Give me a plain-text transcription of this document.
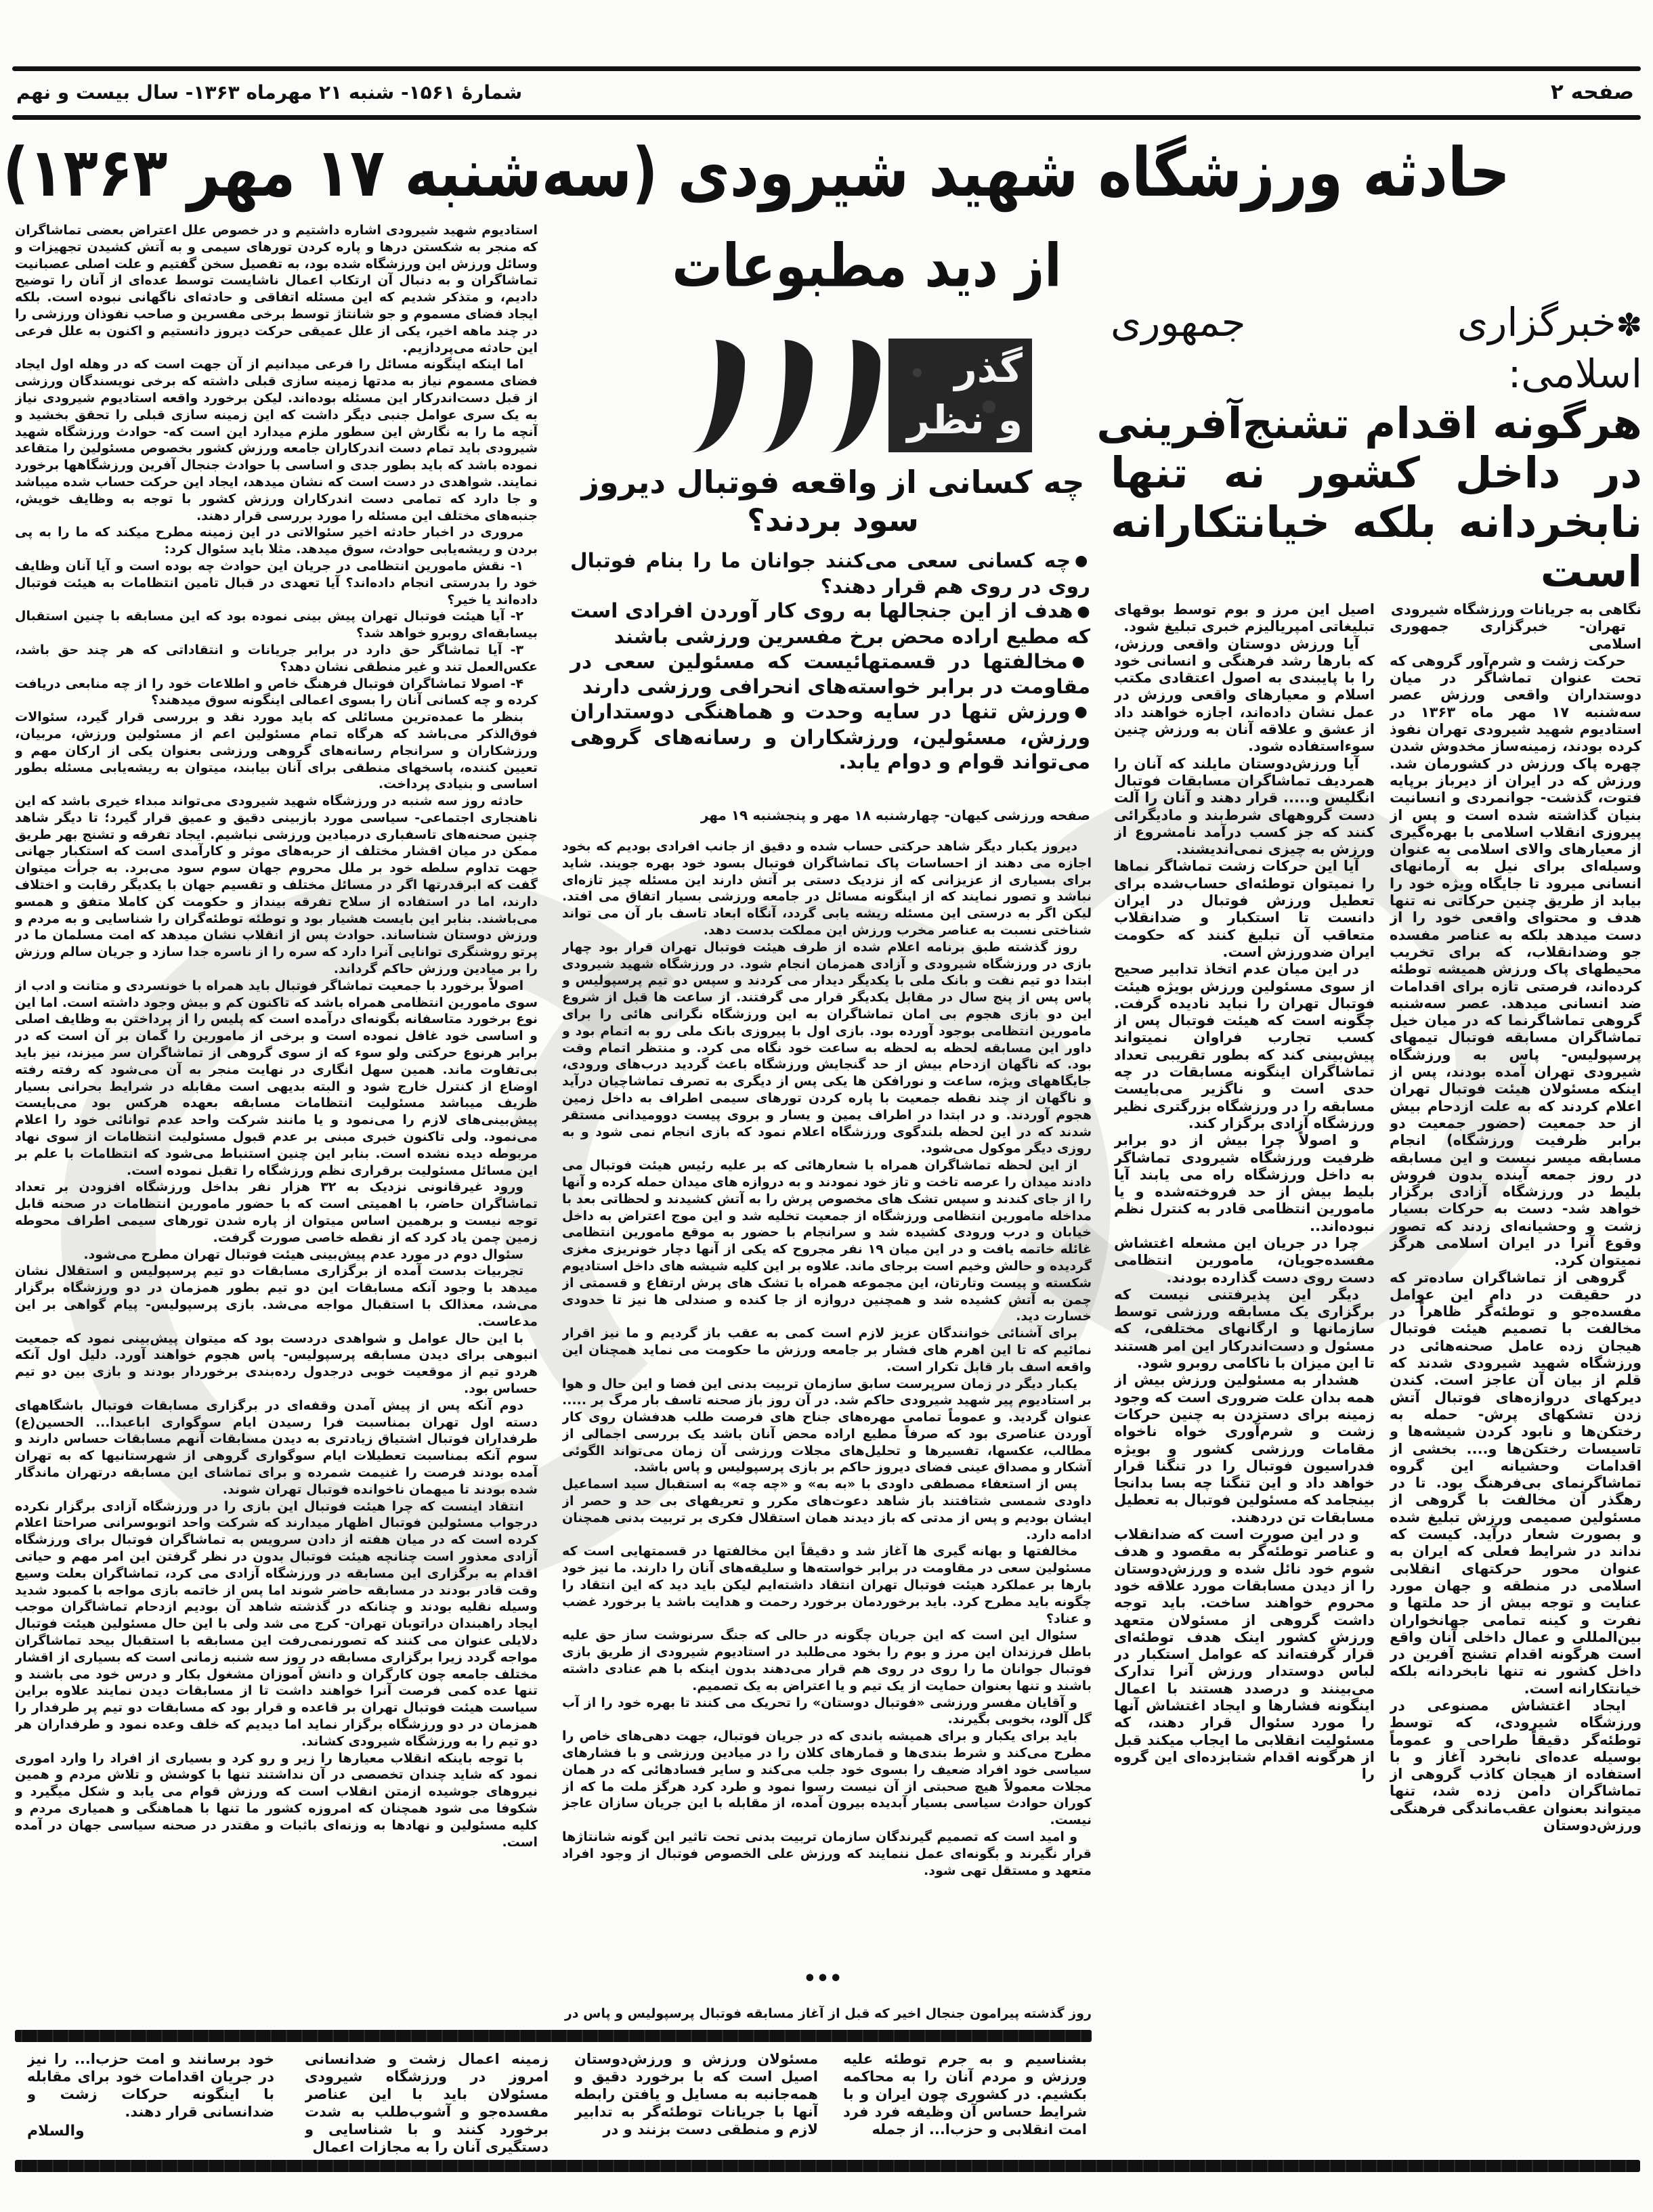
صفحه ۲
شمارهٔ ۱۵۶۱- شنبه ۲۱ مهرماه ۱۳۶۳- سال بیست و نهم
حادثه ورزشگاه شهید شیرودی (سه‌شنبه ۱۷ مهر ۱۳۶۳)
از دید مطبوعات

استادیوم شهید شیرودی اشاره داشتیم و در خصوص علل اعتراض بعضی تماشاگران که منجر به شکستن درها و پاره کردن تورهای سیمی و به آتش کشیدن تجهیزات و وسائل ورزش این ورزشگاه شده بود، به تفصیل سخن گفتیم و علت اصلی عصبانیت تماشاگران و به دنبال آن ارتکاب اعمال ناشایست توسط عده‌ای از آنان را توضیح دادیم، و متذکر شدیم که این مسئله اتفاقی و حادثه‌ای ناگهانی نبوده است. بلکه ایجاد فضای مسموم و جو شانتاژ توسط برخی مفسرین و صاحب نفوذان ورزشی را در چند ماهه اخیر، یکی از علل عمیقی حرکت دیروز دانستیم و اکنون به علل فرعی این حادثه می‌پردازیم.

اما اینکه اینگونه مسائل را فرعی میدانیم از آن جهت است که در وهله اول ایجاد فضای مسموم نیاز به مدتها زمینه سازی قبلی داشته که برخی نویسندگان ورزشی از قبل دست‌اندرکار این مسئله بوده‌اند. لیکن برخورد واقعه استادیوم شیرودی نیاز به یک سری عوامل جنبی دیگر داشت که این زمینه سازی قبلی را تحقق بخشید و آنچه ما را به نگارش این سطور ملزم میدارد این است که- حوادث ورزشگاه شهید شیرودی باید تمام دست اندرکاران جامعه ورزش کشور بخصوص مسئولین را متقاعد نموده باشد که باید بطور جدی و اساسی با حوادث جنجال آفرین ورزشگاهها برخورد نمایند. شواهدی در دست است که نشان میدهد، ایجاد این حرکت حساب شده میباشد و جا دارد که تمامی دست اندرکاران ورزش کشور با توجه به وظایف خویش، جنبه‌های مختلف این مسئله را مورد بررسی قرار دهند.

مروری در اخبار حادثه اخیر سئوالاتی در این زمینه مطرح میکند که ما را به پی بردن و ریشه‌یابی حوادث، سوق میدهد. مثلا باید سئوال کرد:

۱- نقش مامورین انتظامی در جریان این حوادث چه بوده است و آیا آنان وظایف خود را بدرستی انجام داده‌اند؟ آیا تعهدی در قبال تامین انتظامات به هیئت فوتبال داده‌اند یا خیر؟

۲- آیا هیئت فوتبال تهران پیش بینی نموده بود که این مسابقه با چنین استقبال بیسابقه‌ای روبرو خواهد شد؟

۳- آیا تماشاگر حق دارد در برابر جریانات و انتقاداتی که هر چند حق باشد، عکس‌العمل تند و غیر منطقی نشان دهد؟

۴- اصولا تماشاگران فوتبال فرهنگ خاص و اطلاعات خود را از چه منابعی دریافت کرده و چه کسانی آنان را بسوی اعمالی اینگونه سوق میدهند؟

بنظر ما عمده‌ترین مسائلی که باید مورد نقد و بررسی قرار گیرد، سئوالات فوق‌الذکر می‌باشد که هرگاه تمام مسئولین اعم از مسئولین ورزش، مربیان، ورزشکاران و سرانجام رسانه‌های گروهی ورزشی بعنوان یکی از ارکان مهم و تعیین کننده، پاسخهای منطقی برای آنان بیابند، میتوان به ریشه‌یابی مسئله بطور اساسی و بنیادی پرداخت.

حادثه روز سه شنبه در ورزشگاه شهید شیرودی می‌تواند مبداء خیری باشد که این ناهنجاری اجتماعی- سیاسی مورد بازبینی دقیق و عمیق قرار گیرد؛ تا دیگر شاهد چنین صحنه‌های تاسفباری درمیادین ورزشی نباشیم. ایجاد تفرقه و تشنج بهر طریق ممکن در میان اقشار مختلف از حربه‌های موثر و کارآمدی است که استکبار جهانی جهت تداوم سلطه خود بر ملل محروم جهان سوم سود می‌برد. به جرأت میتوان گفت که ابرقدرتها اگر در مسائل مختلف و تقسیم جهان با یکدیگر رقابت و اختلاف دارند، اما در استفاده از سلاح تفرقه بینداز و حکومت کن کاملا متفق و همسو می‌باشند. بنابر این بایست هشیار بود و توطئه توطئه‌گران را شناسایی و به مردم و ورزش دوستان شناساند. حوادث پس از انقلاب نشان میدهد که امت مسلمان ما در پرتو روشنگری توانایی آنرا دارد که سره را از ناسره جدا سازد و جریان سالم ورزش را بر میادین ورزش حاکم گرداند.

اصولاً برخورد با جمعیت تماشاگر فوتبال باید همراه با خونسردی و متانت و ادب از سوی مامورین انتظامی همراه باشد که تاکنون کم و بیش وجود داشته است. اما این نوع برخورد متاسفانه بگونه‌ای درآمده است که پلیس را از پرداختن به وظایف اصلی و اساسی خود غافل نموده است و برخی از مامورین را گمان بر آن است که در برابر هرنوع حرکتی ولو سوء که از سوی گروهی از تماشاگران سر میزند، نیز باید بی‌تفاوت ماند. همین سهل انگاری در نهایت منجر به آن می‌شود که رفته رفته اوضاع از کنترل خارج شود و البته بدیهی است مقابله در شرایط بحرانی بسیار ظریف میباشد مسئولیت انتظامات مسابقه بعهده هرکس بود می‌بایست پیش‌بینی‌های لازم را می‌نمود و یا مانند شرکت واحد عدم توانائی خود را اعلام می‌نمود. ولی تاکنون خبری مبنی بر عدم قبول مسئولیت انتظامات از سوی نهاد مربوطه دیده نشده است. بنابر این چنین استنباط می‌شود که انتظامات با علم بر این مسائل مسئولیت برقراری نظم ورزشگاه را تقبل نموده است.

ورود غیرقانونی نزدیک به ۳۲ هزار نفر بداخل ورزشگاه افزودن بر تعداد تماشاگران حاضر، با اهمیتی است که با حضور مامورین انتظامات در صحنه قابل توجه نیست و برهمین اساس میتوان از پاره شدن تورهای سیمی اطراف محوطه زمین چمن یاد کرد که از نقطه خاصی صورت گرفت.

سئوال دوم در مورد عدم پیش‌بینی هیئت فوتبال تهران مطرح می‌شود.

تجربیات بدست آمده از برگزاری مسابقات دو تیم پرسپولیس و استقلال نشان میدهد با وجود آنکه مسابقات این دو تیم بطور همزمان در دو ورزشگاه برگزار می‌شد، معذالک با استقبال مواجه می‌شد. بازی پرسپولیس- پیام گواهی بر این مدعاست.

با این حال عوامل و شواهدی دردست بود که میتوان پیش‌بینی نمود که جمعیت انبوهی برای دیدن مسابقه پرسپولیس- پاس هجوم خواهند آورد. دلیل اول آنکه هردو تیم از موقعیت خوبی درجدول رده‌بندی برخوردار بودند و بازی بین دو تیم حساس بود.

دوم آنکه پس از پیش آمدن وقفه‌ای در برگزاری مسابقات فوتبال باشگاههای دسته اول تهران بمناسبت فرا رسیدن ایام سوگواری اباعبدا... الحسین(ع) طرفداران فوتبال اشتیاق زیادتری به دیدن مسابقات آنهم مسابقات حساس دارند و سوم آنکه بمناسبت تعطیلات ایام سوگواری گروهی از شهرستانیها که به تهران آمده بودند فرصت را غنیمت شمرده و برای تماشای این مسابقه درتهران ماندگار شده بودند تا میهمان ناخوانده فوتبال تهران شوند.

انتقاد اینست که چرا هیئت فوتبال این بازی را در ورزشگاه آزادی برگزار نکرده درجواب مسئولین فوتبال اظهار میدارند که شرکت واحد اتوبوسرانی صراحتا اعلام کرده است که در میان هفته از دادن سرویس به تماشاگران فوتبال برای ورزشگاه آزادی معذور است چنانچه هیئت فوتبال بدون در نظر گرفتن این امر مهم و حیاتی اقدام به برگزاری این مسابقه در ورزشگاه آزادی می کرد، تماشاگران بعلت وسیع وقت قادر بودند در مسابقه حاضر شوند اما پس از خاتمه بازی مواجه با کمبود شدید وسیله نقلیه بودند و چنانکه در گذشته شاهد آن بودیم ازدحام تماشاگران موجب ایجاد راهبندان دراتوبان تهران- کرج می شد ولی با این حال مسئولین هیئت فوتبال دلایلی عنوان می کنند که تصورنمی‌رفت این مسابقه با استقبال بیحد تماشاگران مواجه گردد زیرا برگزاری مسابقه در روز سه شنبه زمانی است که بسیاری از اقشار مختلف جامعه چون کارگران و دانش آموزان مشغول بکار و درس خود می باشند و تنها عده کمی فرصت آنرا خواهند داشت تا از مسابقات دیدن نمایند علاوه براین سیاست هیئت فوتبال تهران بر قاعده و قرار بود که مسابقات دو تیم پر طرفدار را همزمان در دو ورزشگاه برگزار نماید اما دیدیم که خلف وعده نمود و طرفداران هر دو تیم را به ورزشگاه شیرودی کشاند.

با توجه باینکه انقلاب معیارها را زیر و رو کرد و بسیاری از افراد را وارد اموری نمود که شاید چندان تخصصی در آن نداشتند تنها با کوشش و تلاش مردم و همین نیروهای جوشیده ازمتن انقلاب است که ورزش قوام می یابد و شکل میگیرد و شکوفا می شود همچنان که امروزه کشور ما تنها با هماهنگی و همیاری مردم و کلیه مسئولین و نهادها به وزنه‌ای باثبات و مقتدر در صحنه سیاسی جهان در آمده است.

گذر
و نظر
چه کسانی از واقعه فوتبال دیروز سود بردند؟
●چه کسانی سعی می‌کنند جوانان ما را بنام فوتبال روی در روی هم قرار دهند؟
●هدف از این جنجالها به روی کار آوردن افرادی است که مطیع اراده محض برخ مفسرین ورزشی باشند
●مخالفتها در قسمتهائیست که مسئولین سعی در مقاومت در برابر خواسته‌های انحرافی ورزشی دارند
●ورزش تنها در سایه وحدت و هماهنگی دوستداران ورزش، مسئولین، ورزشکاران و رسانه‌های گروهی می‌تواند قوام و دوام یابد.
صفحه ورزشی کیهان- چهارشنبه ۱۸ مهر و پنجشنبه ۱۹ مهر

دیروز یکبار دیگر شاهد حرکتی حساب شده و دقیق از جانب افرادی بودیم که بخود اجازه می دهند از احساسات پاک تماشاگران فوتبال بسود خود بهره جویند. شاید برای بسیاری از عزیزانی که از نزدیک دستی بر آتش دارند این مسئله چیز تازه‌ای نباشد و تصور نمایند که از اینگونه مسائل در جامعه ورزشی بسیار اتفاق می افتد. لیکن اگر به درستی این مسئله ریشه یابی گردد، آنگاه ابعاد تاسف بار آن می تواند شناختی نسبت به عناصر مخرب ورزش این مملکت بدست دهد.

روز گذشته طبق برنامه اعلام شده از طرف هیئت فوتبال تهران قرار بود چهار بازی در ورزشگاه شیرودی و آزادی همزمان انجام شود. در ورزشگاه شهید شیرودی ابتدا دو تیم نفت و بانک ملی با یکدیگر دیدار می کردند و سپس دو تیم پرسپولیس و پاس پس از پنج سال در مقابل یکدیگر قرار می گرفتند. از ساعت ها قبل از شروع این دو بازی هجوم بی امان تماشاگران به این ورزشگاه نگرانی هائی را برای مامورین انتظامی بوجود آورده بود. بازی اول با پیروزی بانک ملی رو به اتمام بود و داور این مسابقه لحظه به لحظه به ساعت خود نگاه می کرد. و منتظر اتمام وقت بود. که ناگهان ازدحام بیش از حد گنجایش ورزشگاه باعث گردید درب‌های ورودی، جایگاههای ویژه، ساعت و نورافکن ها یکی پس از دیگری به تصرف تماشاچیان درآید و ناگهان از چند نقطه جمعیت با پاره کردن تورهای سیمی اطراف به داخل زمین هجوم آوردند. و در ابتدا در اطراف یمین و یسار و بروی پیست دوومیدانی مستقر شدند که در این لحظه بلندگوی ورزشگاه اعلام نمود که بازی انجام نمی شود و به روزی دیگر موکول می‌شود.

از این لحظه تماشاگران همراه با شعارهائی که بر علیه رئیس هیئت فوتبال می دادند میدان را عرصه تاخت و تاز خود نمودند و به دروازه های میدان حمله کرده و آنها را از جای کندند و سپس تشک های مخصوص پرش را به آتش کشیدند و لحظاتی بعد با مداخله مامورین انتظامی ورزشگاه از جمعیت تخلیه شد و این موج اعتراض به داخل خیابان و درب ورودی کشیده شد و سرانجام با حضور به موقع مامورین انتظامی غائله خاتمه یافت و در این میان ۱۹ نفر مجروح که یکی از آنها دچار خونریزی مغزی گردیده و حالش وخیم است برجای ماند. علاوه بر این کلیه شیشه های داخل استادیوم شکسته و پیست وتارتان، این مجموعه همراه با تشک های پرش ارتفاع و قسمتی از چمن به آتش کشیده شد و همچنین دروازه از جا کنده و صندلی ها نیز تا حدودی خسارت دید.

برای آشنائی خوانندگان عزیز لازم است کمی به عقب باز گردیم و ما نیز اقرار نمائیم که تا این اهرم های فشار بر جامعه ورزش ما حکومت می نماید همچنان این واقعه اسف بار قابل تکرار است.

یکبار دیگر در زمان سرپرست سابق سازمان تربیت بدنی این فضا و این حال و هوا بر استادیوم پیر شهید شیرودی حاکم شد. در آن روز باز صحنه تاسف بار مرگ بر ..... عنوان گردید. و عموماً تمامی مهره‌های جناح های فرصت طلب هدفشان روی کار آوردن عناصری بود که صرفاً مطیع اراده محض آنان باشد یک بررسی اجمالی از مطالب، عکسها، تفسیرها و تحلیل‌های مجلات ورزشی آن زمان می‌تواند الگوئی آشکار و مصداق عینی فضای دیروز حاکم بر بازی پرسپولیس و پاس باشد.

پس از استعفاء مصطفی داودی با «به به» و «چه چه» به استقبال سید اسماعیل داودی شمسی شتافتند باز شاهد دعوت‌های مکرر و تعریفهای بی حد و حصر از ایشان بودیم و پس از مدتی که باز دیدند همان استقلال فکری بر تربیت بدنی همچنان ادامه دارد.

مخالفتها و بهانه گیری ها آغاز شد و دقیقاً این مخالفتها در قسمتهایی است که مسئولین سعی در مقاومت در برابر خواسته‌ها و سلیقه‌های آنان را دارند. ما نیز خود بارها بر عملکرد هیئت فوتبال تهران انتقاد داشته‌ایم لیکن باید دید که این انتقاد را چگونه باید مطرح کرد. باید برخوردمان برخورد رحمت و هدایت باشد یا برخورد غضب و عناد؟

سئوال این است که این جریان چگونه در حالی که جنگ سرنوشت ساز حق علیه باطل فرزندان این مرز و بوم را بخود می‌طلبد در استادیوم شیرودی از طریق بازی فوتبال جوانان ما را روی در روی هم قرار می‌دهند بدون اینکه با هم عنادی داشته باشند و تنها بعنوان حمایت از یک تیم و یا اعتراض به یک تصمیم.

و آقایان مفسر ورزشی «فوتبال دوستان» را تحریک می کنند تا بهره خود را از آب گل آلود، بخوبی بگیرند.

باید برای یکبار و برای همیشه باندی که در جریان فوتبال، جهت دهی‌های خاص را مطرح می‌کند و شرط بندی‌ها و قمارهای کلان را در میادین ورزشی و با فشارهای سیاسی خود افراد ضعیف را بسوی خود جلب می‌کند و سایر فسادهائی که در همان مجلات معمولاً هیچ صحبتی از آن نیست رسوا نمود و طرد کرد هرگز ملت ما که از کوران حوادث سیاسی بسیار آبدیده بیرون آمده، از مقابله با این جریان سازان عاجز نیست.

و امید است که تصمیم گیرندگان سازمان تربیت بدنی تحت تاثیر این گونه شانتاژها قرار نگیرند و بگونه‌ای عمل ننمایند که ورزش علی الخصوص فوتبال از وجود افراد متعهد و مستقل تهی شود.

•••
روز گذشته پیرامون جنجال اخیر که قبل از آغاز مسابقه فوتبال پرسپولیس و پاس در
✽خبرگزاری جمهوری
اسلامی:
هرگونه اقدام تشنج‌آفرینی
در داخل کشور نه تنها
نابخردانه بلکه خیانتکارانه
است

نگاهی به جریانات ورزشگاه شیرودی

تهران- خبرگزاری جمهوری اسلامی

حرکت زشت و شرم‌آور گروهی که تحت عنوان تماشاگر در میان دوستداران واقعی ورزش عصر سه‌شنبه ۱۷ مهر ماه ۱۳۶۳ در استادیوم شهید شیرودی تهران نفوذ کرده بودند، زمینه‌ساز مخدوش شدن چهره پاک ورزش در کشورمان شد. ورزش که در ایران از دیرباز برپایه فتوت، گذشت- جوانمردی و انسانیت بنیان گذاشته شده است و پس از پیروزی انقلاب اسلامی با بهره‌گیری از معیارهای والای اسلامی به عنوان وسیله‌ای برای نیل به آرمانهای انسانی میرود تا جایگاه ویژه خود را بیابد از طریق چنین حرکاتی نه تنها هدف و محتوای واقعی خود را از دست میدهد بلکه به عناصر مفسده جو وضدانقلاب، که برای تخریب محیطهای پاک ورزش همیشه توطئه کرده‌اند، فرصتی تازه برای اقدامات ضد انسانی میدهد. عصر سه‌شنبه گروهی تماشاگرنما که در میان خیل تماشاگران مسابقه فوتبال تیمهای پرسپولیس- پاس به ورزشگاه شیرودی تهران آمده بودند، پس از اینکه مسئولان هیئت فوتبال تهران اعلام کردند که به علت ازدحام بیش از حد جمعیت (حضور جمعیت دو برابر ظرفیت ورزشگاه) انجام مسابقه میسر نیست و این مسابقه در روز جمعه آینده بدون فروش بلیط در ورزشگاه آزادی برگزار خواهد شد- دست به حرکات بسیار زشت و وحشیانه‌ای زدند که تصور وقوع آنرا در ایران اسلامی هرگز نمیتوان کرد.

گروهی از تماشاگران ساده‌تر که در حقیقت در دام این عوامل مفسده‌جو و توطئه‌گر ظاهراً در مخالفت با تصمیم هیئت فوتبال هیجان زده عامل صحنه‌هائی در ورزشگاه شهید شیرودی شدند که قلم از بیان آن عاجز است. کندن دیرکهای دروازه‌های فوتبال آتش زدن تشکهای پرش- حمله به رختکن‌ها و نابود کردن شیشه‌ها و تاسیسات رختکن‌ها و.... بخشی از اقدامات وحشیانه این گروه تماشاگرنمای بی‌فرهنگ بود. تا در رهگذر آن مخالفت با گروهی از مسئولین صمیمی ورزش تبلیغ شده و بصورت شعار درآید. کیست که نداند در شرایط فعلی که ایران به عنوان محور حرکتهای انقلابی اسلامی در منطقه و جهان مورد عنایت و توجه بیش از حد ملتها و نفرت و کینه تمامی جهانخواران بین‌المللی و عمال داخلی آنان واقع است هرگونه اقدام تشنج آفرین در داخل کشور نه تنها نابخردانه بلکه خیانتکارانه است.

ایجاد اغتشاش مصنوعی در ورزشگاه شیرودی، که توسط توطئه‌گر دقیقاً طراحی و عموماً بوسیله عده‌ای نابخرد آغاز و با استفاده از هیجان کاذب گروهی از تماشاگران دامن زده شد، تنها میتواند بعنوان عقب‌ماندگی فرهنگی ورزش‌دوستان

اصیل این مرز و بوم توسط بوقهای تبلیغاتی امپریالیزم خبری تبلیغ شود.

آیا ورزش دوستان واقعی ورزش، که بارها رشد فرهنگی و انسانی خود را با پایبندی به اصول اعتقادی مکتب اسلام و معیارهای واقعی ورزش در عمل نشان داده‌اند، اجازه خواهند داد از عشق و علاقه آنان به ورزش چنین سوءاستفاده شود.

آیا ورزش‌دوستان مایلند که آنان را همردیف تماشاگران مسابقات فوتبال انگلیس و..... قرار دهند و آنان را آلت دست گروههای شرط‌بند و مادیگرائی کنند که جز کسب درآمد نامشروع از ورزش به چیزی نمی‌اندیشند.

آیا این حرکات زشت تماشاگر نماها را نمیتوان توطئه‌ای حساب‌شده برای تعطیل ورزش فوتبال در ایران دانست تا استکبار و ضدانقلاب متعاقب آن تبلیغ کنند که حکومت ایران ضدورزش است.

در این میان عدم اتخاذ تدابیر صحیح از سوی مسئولین ورزش بویژه هیئت فوتبال تهران را نباید نادیده گرفت. چگونه است که هیئت فوتبال پس از کسب تجارب فراوان نمیتواند پیش‌بینی کند که بطور تقریبی تعداد تماشاگران اینگونه مسابقات در چه حدی است و ناگزیر می‌بایست مسابقه را در ورزشگاه بزرگتری نظیر ورزشگاه آزادی برگزار کند.

و اصولاً چرا بیش از دو برابر ظرفیت ورزشگاه شیرودی تماشاگر به داخل ورزشگاه راه می یابند آیا بلیط بیش از حد فروخته‌شده و یا مامورین انتظامی قادر به کنترل نظم نبوده‌اند..

چرا در جریان این مشعله اغتشاش مفسده‌جویان، مامورین انتظامی دست روی دست گذارده بودند.

دیگر این پذیرفتنی نیست که برگزاری یک مسابقه ورزشی توسط سازمانها و ارگانهای مختلفی، که مسئول و دست‌اندرکار این امر هستند تا این میزان با ناکامی روبرو شود.

هشدار به مسئولین ورزش بیش از همه بدان علت ضروری است که وجود زمینه برای دستزدن به چنین حرکات زشت و شرم‌آوری خواه ناخواه مقامات ورزشی کشور و بویژه فدراسیون فوتبال را در تنگنا قرار خواهد داد و این تنگنا چه بسا بدانجا بینجامد که مسئولین فوتبال به تعطیل مسابقات تن دردهند.

و در این صورت است که ضدانقلاب و عناصر توطئه‌گر به مقصود و هدف شوم خود نائل شده و ورزش‌دوستان را از دیدن مسابقات مورد علاقه خود محروم خواهند ساخت. باید توجه داشت گروهی از مسئولان متعهد ورزش کشور اینک هدف توطئه‌ای قرار گرفته‌اند که عوامل استکبار در لباس دوستدار ورزش آنرا تدارک می‌بینند و درصدد هستند با اعمال اینگونه فشارها و ایجاد اغتشاش آنها را مورد سئوال قرار دهند، که مسئولیت انقلابی ما ایجاب میکند قبل از هرگونه اقدام شتابزده‌ای این گروه را

بشناسیم و به جرم توطئه علیه ورزش و مردم آنان را به محاکمه بکشیم. در کشوری چون ایران و با شرایط حساس آن وظیفه فرد فرد امت انقلابی و حزب‌ا... از جمله
مسئولان ورزش و ورزش‌دوستان اصیل است که با برخورد دقیق و همه‌جانبه به مسایل و یافتن رابطه آنها با جریانات توطئه‌گر به تدابیر لازم و منطقی دست بزنند و در
زمینه اعمال زشت و ضدانسانی امروز در ورزشگاه شیرودی مسئولان باید با این عناصر مفسده‌جو و آشوب‌طلب به شدت برخورد کنند و با شناسایی و دستگیری آنان را به مجازات اعمال
خود برسانند و امت حزب‌ا... را نیز در جریان اقدامات خود برای مقابله با اینگونه حرکات زشت و ضدانسانی قرار دهند.
والسلام
